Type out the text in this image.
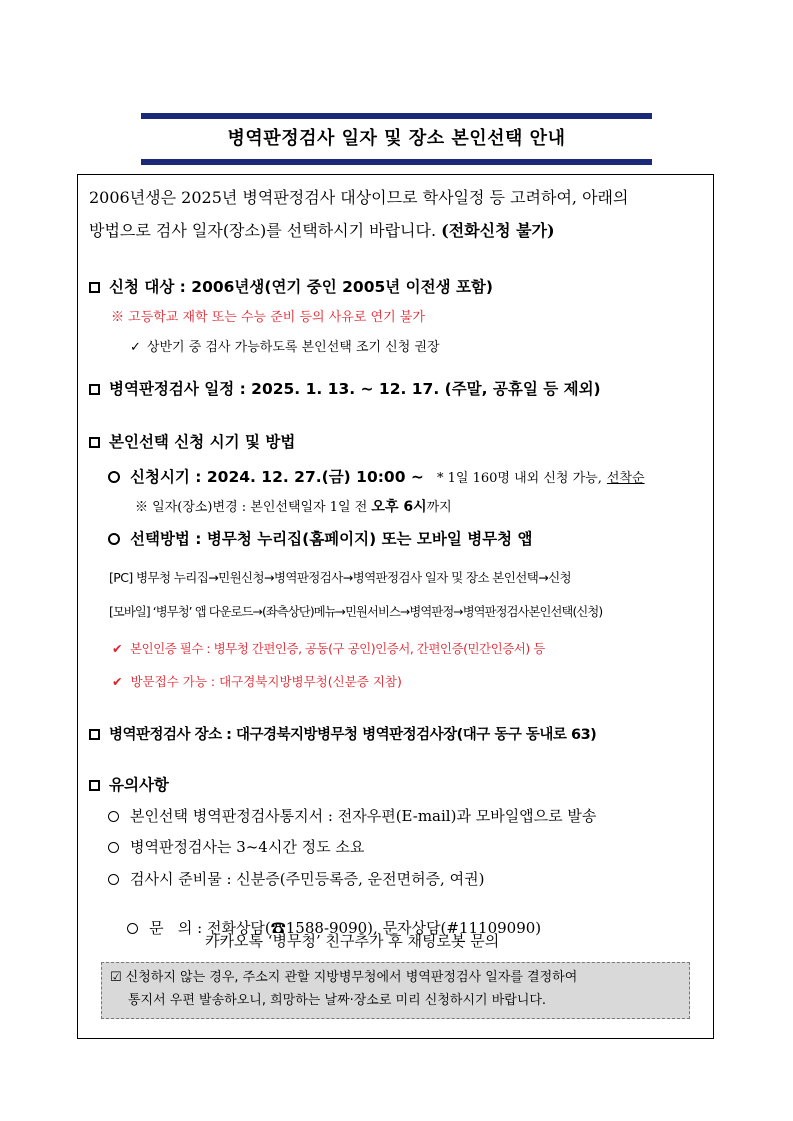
병역판정검사 일자 및 장소 본인선택 안내
2006년생은 2025년 병역판정검사 대상이므로 학사일정 등 고려하여, 아래의
방법으로 검사 일자(장소)를 선택하시기 바랍니다. (전화신청 불가)
신청 대상 : 2006년생(연기 중인 2005년 이전생 포함)
※ 고등학교 재학 또는 수능 준비 등의 사유로 연기 불가
✓ 상반기 중 검사 가능하도록 본인선택 조기 신청 권장
병역판정검사 일정 : 2025. 1. 13. ~ 12. 17. (주말, 공휴일 등 제외)
본인선택 신청 시기 및 방법
신청시기 : 2024. 12. 27.(금) 10:00 ~ * 1일 160명 내외 신청 가능, 선착순
※ 일자(장소)변경 : 본인선택일자 1일 전 오후 6시까지
선택방법 : 병무청 누리집(홈페이지) 또는 모바일 병무청 앱
[PC] 병무청 누리집→민원신청→병역판정검사→병역판정검사 일자 및 장소 본인선택→신청
[모바일] ‘병무청’ 앱 다운로드→(좌측상단)메뉴→민원서비스→병역판정→병역판정검사본인선택(신청)
✔ 본인인증 필수 : 병무청 간편인증, 공동(구 공인)인증서, 간편인증(민간인증서) 등
✔ 방문접수 가능 : 대구경북지방병무청(신분증 지참)
병역판정검사 장소 : 대구경북지방병무청 병역판정검사장(대구 동구 동내로 63)
유의사항
본인선택 병역판정검사통지서 : 전자우편(E-mail)과 모바일앱으로 발송
병역판정검사는 3~4시간 정도 소요
검사시 준비물 : 신분증(주민등록증, 운전면허증, 여권)

문   의 : 전화상담(☎1588-9090), 문자상담(#11109090)

카카오톡 ‘병무청’ 친구추가 후 채팅로봇 문의
☑ 신청하지 않는 경우, 주소지 관할 지방병무청에서 병역판정검사 일자를 결정하여
통지서 우편 발송하오니, 희망하는 날짜·장소로 미리 신청하시기 바랍니다.
